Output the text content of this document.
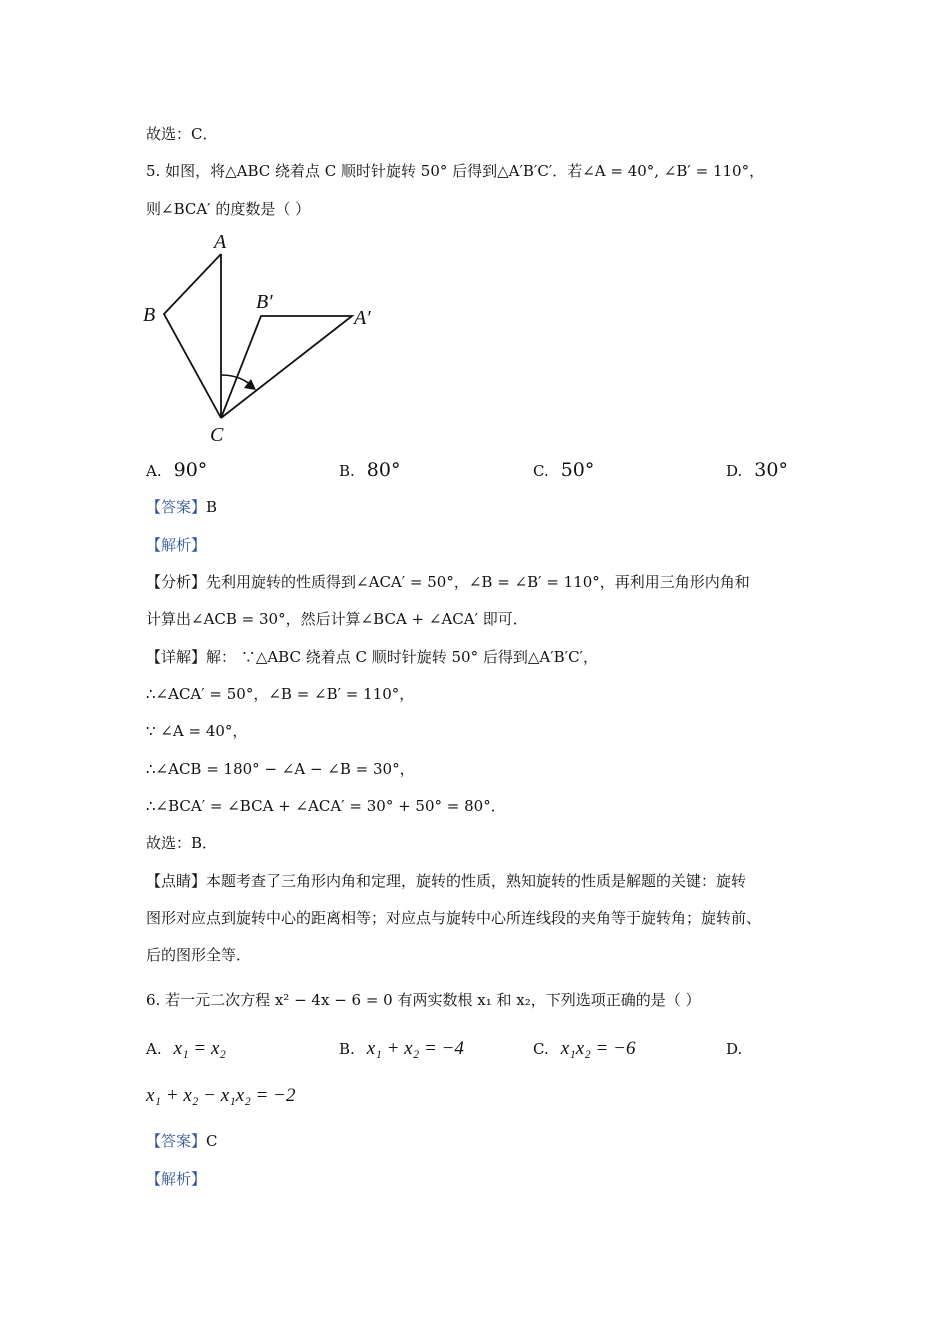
故选：C．
5. 如图，将△ABC 绕着点 C 顺时针旋转 50° 后得到△A′B′C′．若∠A = 40°, ∠B′ = 110°，
则∠BCA′ 的度数是（ ）
A
B
C
A′
B′
A. 90°	B. 80°	C. 50°	D. 30°
【答案】B
【解析】
【分析】先利用旋转的性质得到∠ACA′ = 50°，∠B = ∠B′ = 110°，再利用三角形内角和
计算出∠ACB = 30°，然后计算∠BCA + ∠ACA′ 即可．
【详解】解： ∵△ABC 绕着点 C 顺时针旋转 50° 后得到△A′B′C′，
∴∠ACA′ = 50°，∠B = ∠B′ = 110°，
∵ ∠A = 40°，
∴∠ACB = 180° − ∠A − ∠B = 30°，
∴∠BCA′ = ∠BCA + ∠ACA′ = 30° + 50° = 80°．
故选：B．
【点睛】本题考查了三角形内角和定理，旋转的性质，熟知旋转的性质是解题的关键：旋转
图形对应点到旋转中心的距离相等；对应点与旋转中心所连线段的夹角等于旋转角；旋转前、
后的图形全等．
6. 若一元二次方程 x² − 4x − 6 = 0 有两实数根 x₁ 和 x₂，下列选项正确的是（ ）
A. x₁ = x₂	B. x₁ + x₂ = −4	C. x₁x₂ = −6	D.
x₁ + x₂ − x₁x₂ = −2
【答案】C
【解析】
